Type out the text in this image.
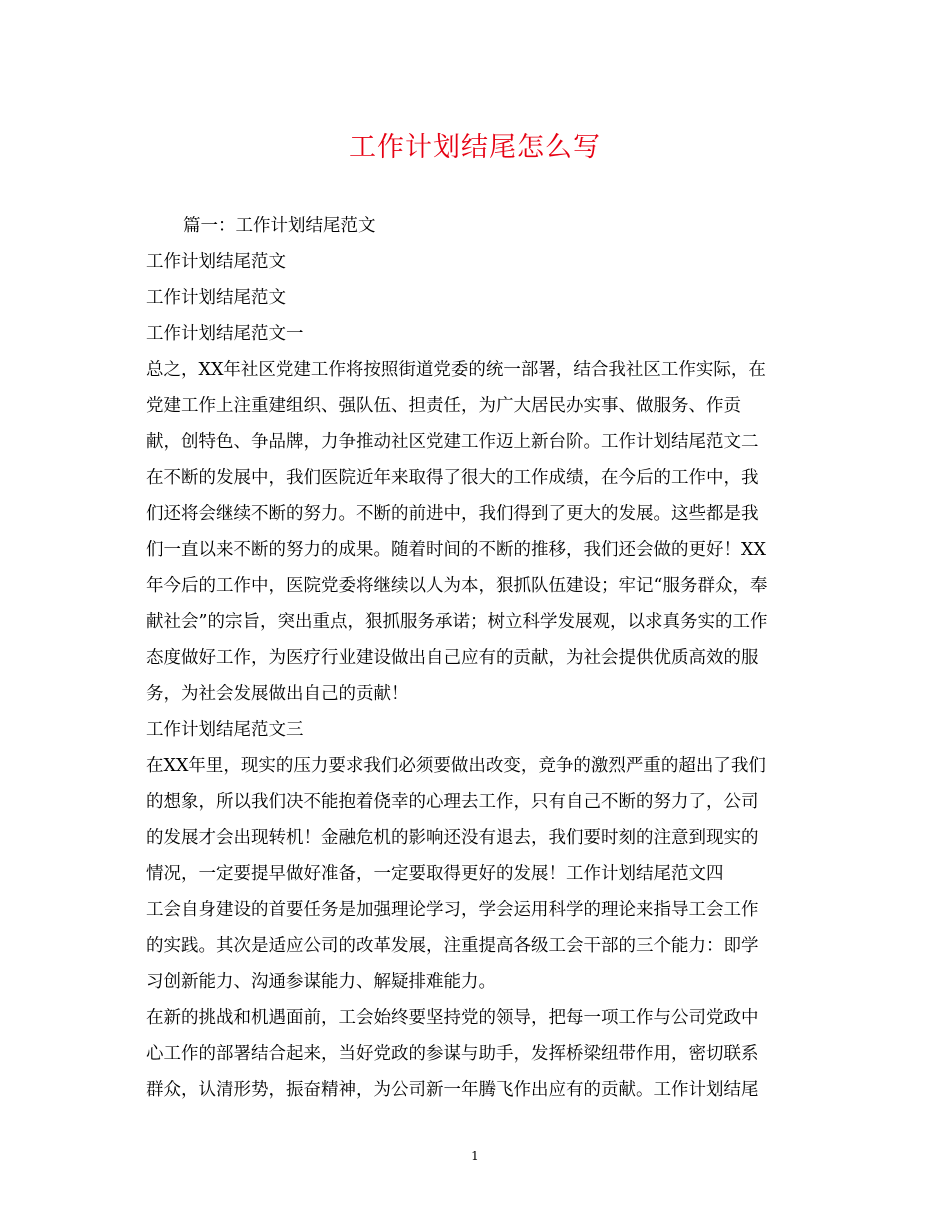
工作计划结尾怎么写
篇一：工作计划结尾范文
工作计划结尾范文
工作计划结尾范文
工作计划结尾范文一
总之，XX年社区党建工作将按照街道党委的统一部署，结合我社区工作实际，在
党建工作上注重建组织、强队伍、担责任，为广大居民办实事、做服务、作贡
献，创特色、争品牌，力争推动社区党建工作迈上新台阶。工作计划结尾范文二
在不断的发展中，我们医院近年来取得了很大的工作成绩，在今后的工作中，我
们还将会继续不断的努力。不断的前进中，我们得到了更大的发展。这些都是我
们一直以来不断的努力的成果。随着时间的不断的推移，我们还会做的更好！XX
年今后的工作中，医院党委将继续以人为本，狠抓队伍建设；牢记“服务群众，奉
献社会”的宗旨，突出重点，狠抓服务承诺；树立科学发展观，以求真务实的工作
态度做好工作，为医疗行业建设做出自己应有的贡献，为社会提供优质高效的服
务，为社会发展做出自己的贡献！
工作计划结尾范文三
在XX年里，现实的压力要求我们必须要做出改变，竞争的激烈严重的超出了我们
的想象，所以我们决不能抱着侥幸的心理去工作，只有自己不断的努力了，公司
的发展才会出现转机！金融危机的影响还没有退去，我们要时刻的注意到现实的
情况，一定要提早做好准备，一定要取得更好的发展！工作计划结尾范文四
工会自身建设的首要任务是加强理论学习，学会运用科学的理论来指导工会工作
的实践。其次是适应公司的改革发展，注重提高各级工会干部的三个能力：即学
习创新能力、沟通参谋能力、解疑排难能力。
在新的挑战和机遇面前，工会始终要坚持党的领导，把每一项工作与公司党政中
心工作的部署结合起来，当好党政的参谋与助手，发挥桥梁纽带作用，密切联系
群众，认清形势，振奋精神，为公司新一年腾飞作出应有的贡献。工作计划结尾
1
